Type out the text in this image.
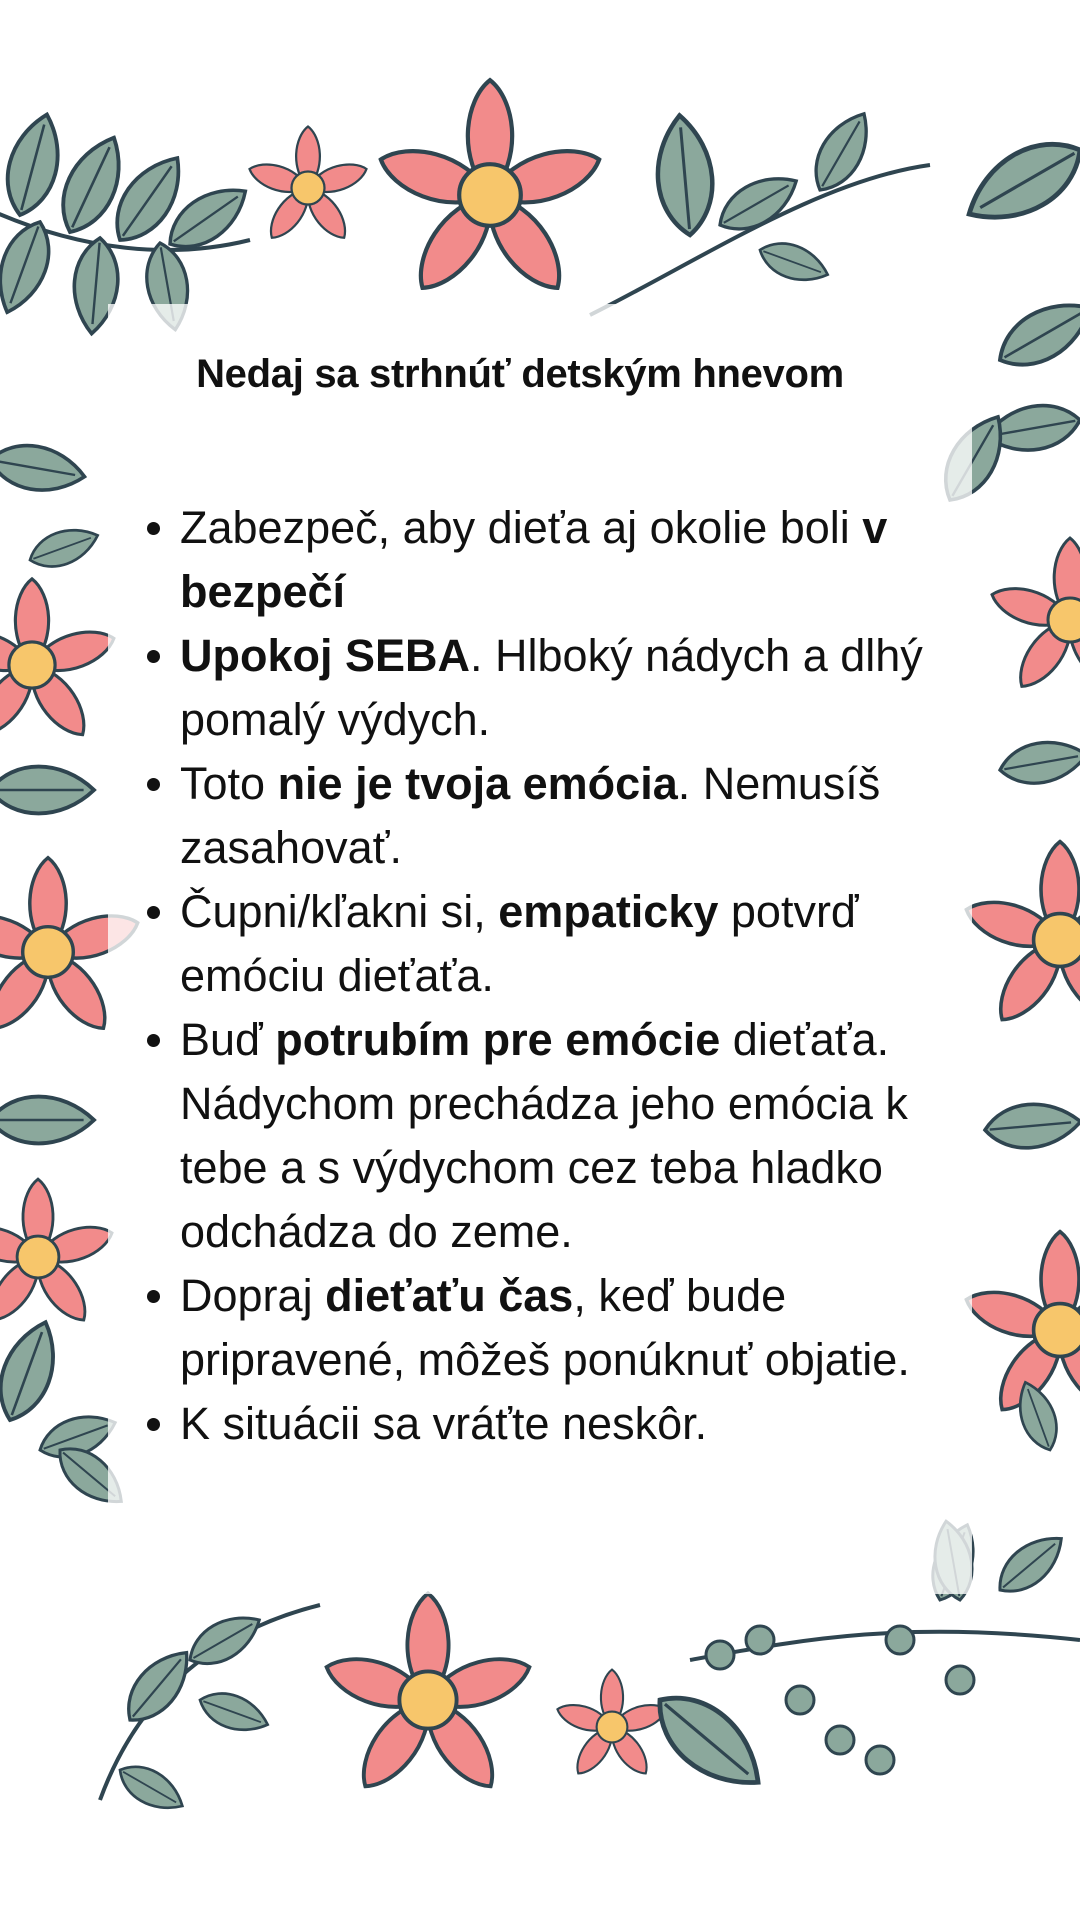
Nedaj sa strhnúť detským hnevom
Zabezpeč, aby dieťa aj okolie boli v bezpečí
Upokoj SEBA. Hlboký nádych a dlhý pomalý výdych.
Toto nie je tvoja emócia. Nemusíš zasahovať.
Čupni/kľakni si, empaticky potvrď emóciu dieťaťa.
Buď potrubím pre emócie dieťaťa. Nádychom prechádza jeho emócia k tebe a s výdychom cez teba hladko odchádza do zeme.
Dopraj dieťaťu čas, keď bude pripravené, môžeš ponúknuť objatie.
K situácii sa vráťte neskôr.
